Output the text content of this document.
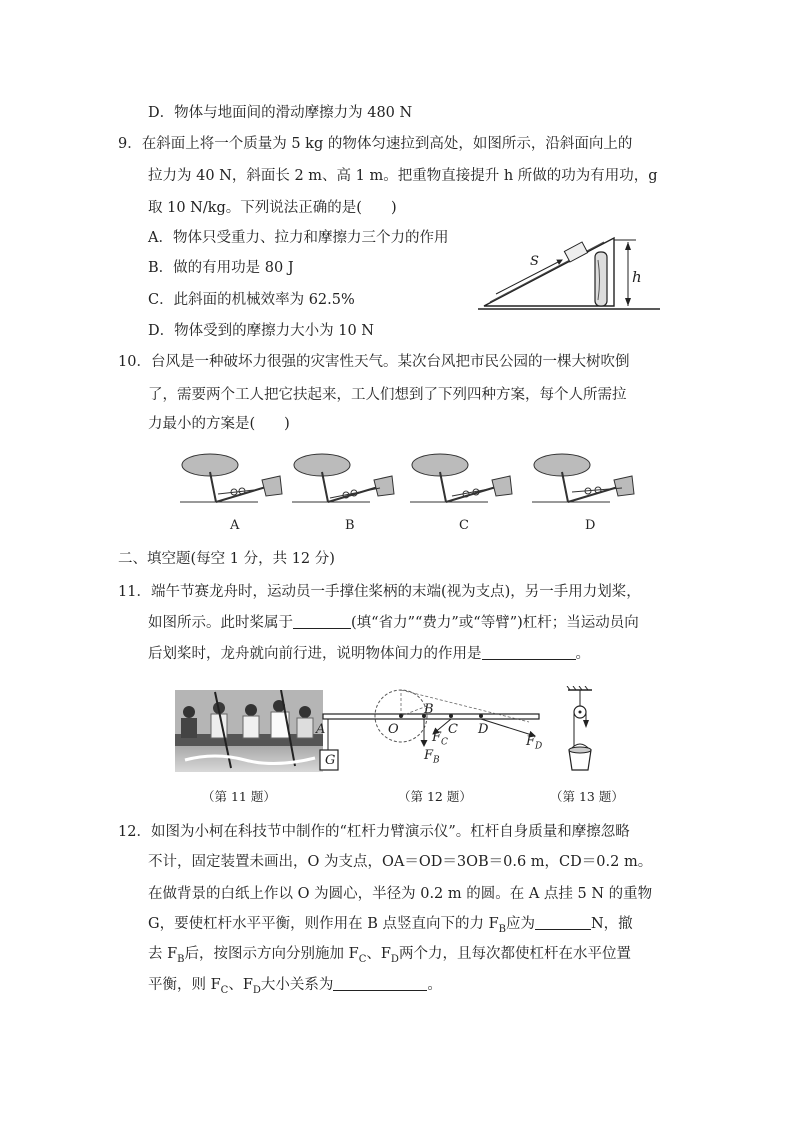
D．物体与地面间的滑动摩擦力为 480 N
9．在斜面上将一个质量为 5 kg 的物体匀速拉到高处，如图所示，沿斜面向上的
拉力为 40 N，斜面长 2 m、高 1 m。把重物直接提升 h 所做的功为有用功，g
取 10 N/kg。下列说法正确的是(　　)
A．物体只受重力、拉力和摩擦力三个力的作用
B．做的有用功是 80 J
C．此斜面的机械效率为 62.5%
D．物体受到的摩擦力大小为 10 N
S
h
10．台风是一种破坏力很强的灾害性天气。某次台风把市民公园的一棵大树吹倒
了，需要两个工人把它扶起来，工人们想到了下列四种方案，每个人所需拉
力最小的方案是(　　)
A	B	C	D
二、填空题(每空 1 分，共 12 分)
11．端午节赛龙舟时，运动员一手撑住桨柄的末端(视为支点)，另一手用力划桨，
如图所示。此时桨属于	(填“省力”“费力”或“等臂”)杠杆；当运动员向
后划桨时，龙舟就向前行进，说明物体间力的作用是	。
（第 11 题）
A	O
B
C D
G
$F_C$
$F_B$
$F_D$
（第 12 题）	（第 13 题）
12．如图为小柯在科技节中制作的“杠杆力臂演示仪”。杠杆自身质量和摩擦忽略
不计，固定装置未画出，O 为支点，OA＝OD＝3OB＝0.6 m，CD＝0.2 m。
在做背景的白纸上作以 O 为圆心，半径为 0.2 m 的圆。在 A 点挂 5 N 的重物
G，要使杠杆水平平衡，则作用在 B 点竖直向下的力 $F_B$应为	N，撤
去 $F_B$后，按图示方向分别施加 $F_C$、$F_D$两个力，且每次都使杠杆在水平位置
平衡，则 $F_C$、$F_D$大小关系为	。
